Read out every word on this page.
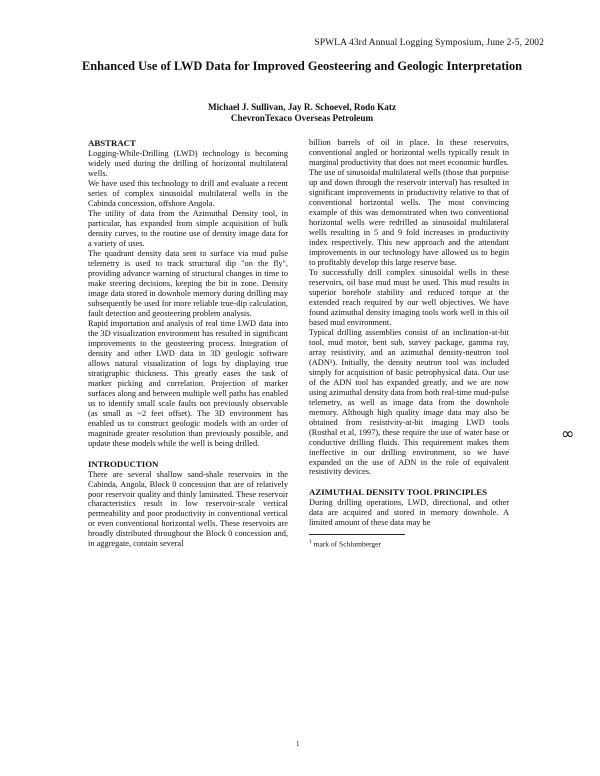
SPWLA 43rd Annual Logging Symposium, June 2-5, 2002
Enhanced Use of LWD Data for Improved Geosteering and Geologic Interpretation
Michael J. Sullivan, Jay R. Schoevel, Rodo Katz
ChevronTexaco Overseas Petroleum
ABSTRACT

Logging-While-Drilling (LWD) technology is becoming widely used during the drilling of horizontal multilateral wells.

We have used this technology to drill and evaluate a recent series of complex sinusoidal multilateral wells in the Cabinda concession, offshore Angola.

The utility of data from the Azimuthal Density tool, in particular, has expanded from simple acquisition of bulk density curves, to the routine use of density image data for a variety of uses.

The quadrant density data sent to surface via mud pulse telemetry is used to track structural dip "on the fly", providing advance warning of structural changes in time to make steering decisions, keeping the bit in zone. Density image data stored in downhole memory during drilling may subsequently be used for more reliable true-dip calculation, fault detection and geosteering problem analysis.

Rapid importation and analysis of real time LWD data into the 3D visualization environment has resulted in significant improvements to the geosteering process. Integration of density and other LWD data in 3D geologic software allows natural visualization of logs by displaying true stratigraphic thickness. This greatly eases the task of marker picking and correlation. Projection of marker surfaces along and between multiple well paths has enabled us to identify small scale faults not previously observable (as small as ~2 feet offset). The 3D environment has enabled us to construct geologic models with an order of magnitude greater resolution than previously possible, and update these models while the well is being drilled.

INTRODUCTION

There are several shallow sand-shale reservoirs in the Cabinda, Angola, Block 0 concession that are of relatively poor reservoir quality and thinly laminated. These reservoir characteristics result in low reservoir-scale vertical permeability and poor productivity in conventional vertical or even conventional horizontal wells. These reservoirs are broadly distributed throughout the Block 0 concession and, in aggregate, contain several

billion barrels of oil in place. In these reservoirs, conventional angled or horizontal wells typically result in marginal productivity that does not meet economic hurdles. The use of sinusoidal multilateral wells (those that porpoise up and down through the reservoir interval) has resulted in significant improvements in productivity relative to that of conventional horizontal wells. The most convincing example of this was demonstrated when two conventional horizontal wells were redrilled as sinusoidal multilateral wells resulting in 5 and 9 fold increases in productivity index respectively. This new approach and the attendant improvements in our technology have allowed us to begin to profitably develop this large reserve base.

To successfully drill complex sinusoidal wells in these reservoirs, oil base mud must be used. This mud results in superior borehole stability and reduced torque at the extended reach required by our well objectives. We have found azimuthal density imaging tools work well in this oil based mud environment.

Typical drilling assemblies consist of an inclination-at-bit tool, mud motor, bent sub, survey package, gamma ray, array resistivity, and an azimuthal density-neutron tool (ADN¹). Initially, the density neutron tool was included simply for acquisition of basic petrophysical data. Our use of the ADN tool has expanded greatly, and we are now using azimuthal density data from both real-time mud-pulse telemetry, as well as image data from the downhole memory. Although high quality image data may also be obtained from resistivity-at-bit imaging LWD tools (Rosthal et al, 1997), these require the use of water base or conductive drilling fluids. This requirement makes them ineffective in our drilling environment, so we have expanded on the use of ADN in the role of equivalent resistivity devices.

AZIMUTHAL DENSITY TOOL PRINCIPLES

During drilling operations, LWD, directional, and other data are acquired and stored in memory downhole. A limited amount of these data may be

$^1$ mark of Schlumberger
∞
1
